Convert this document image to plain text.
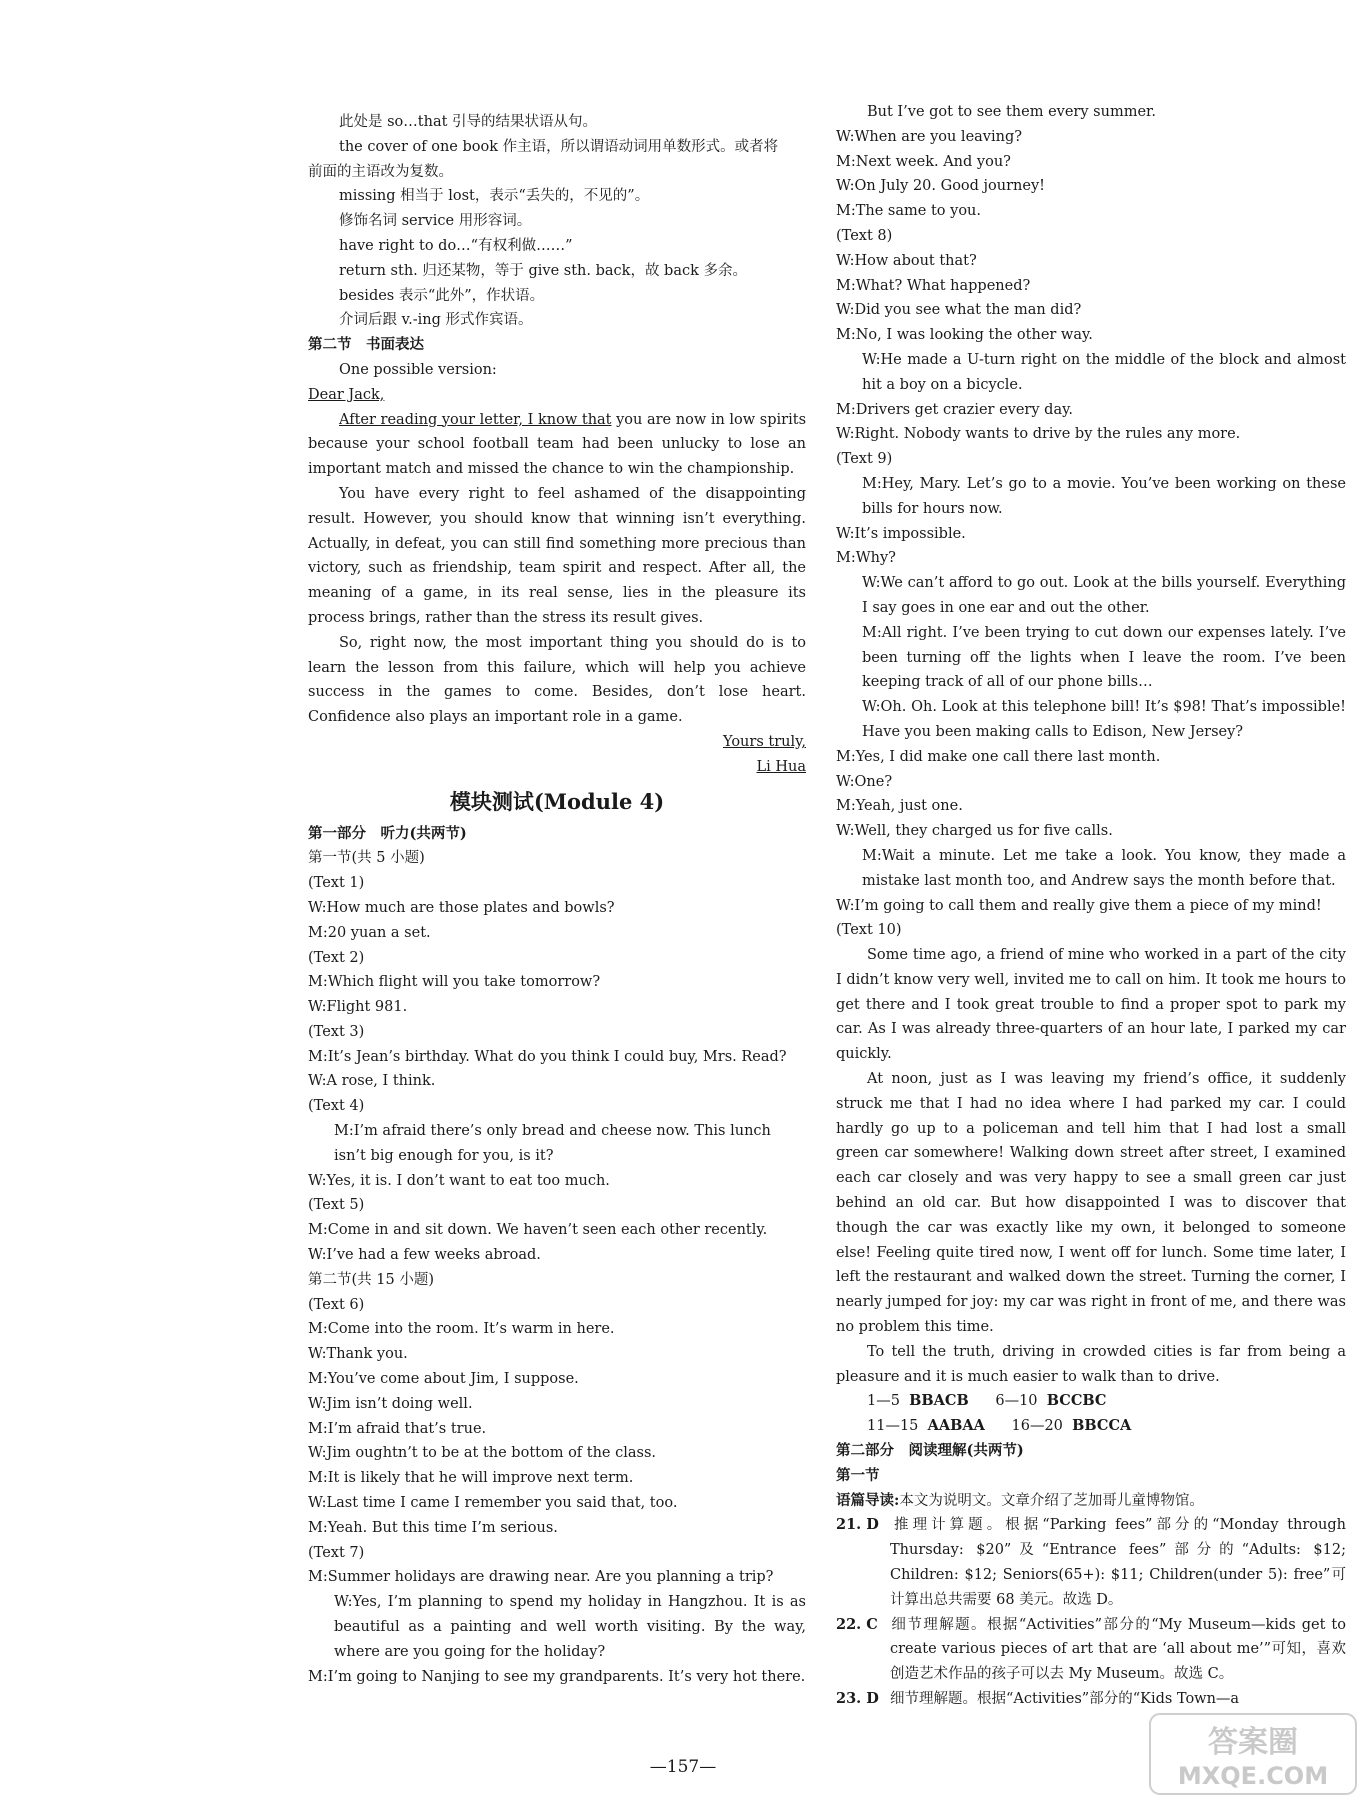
此处是 so…that 引导的结果状语从句。

the cover of one book 作主语，所以谓语动词用单数形式。或者将

前面的主语改为复数。

missing 相当于 lost，表示“丢失的，不见的”。

修饰名词 service 用形容词。

have right to do…“有权利做……”

return sth. 归还某物，等于 give sth. back，故 back 多余。

besides 表示“此外”，作状语。

介词后跟 v.-ing 形式作宾语。

第二节　书面表达

One possible version:

Dear Jack,

After reading your letter, I know that you are now in low spirits because your school football team had been unlucky to lose an important match and missed the chance to win the championship.

You have every right to feel ashamed of the disappointing result. However, you should know that winning isn’t everything. Actually, in defeat, you can still find something more precious than victory, such as friendship, team spirit and respect. After all, the meaning of a game, in its real sense, lies in the pleasure its process brings, rather than the stress its result gives.

So, right now, the most important thing you should do is to learn the lesson from this failure, which will help you achieve success in the games to come. Besides, don’t lose heart. Confidence also plays an important role in a game.

Yours truly,

Li Hua

模块测试(Module 4)

第一部分　听力(共两节)

第一节(共 5 小题)

(Text 1)

W:How much are those plates and bowls?

M:20 yuan a set.

(Text 2)

M:Which flight will you take tomorrow?

W:Flight 981.

(Text 3)

M:It’s Jean’s birthday. What do you think I could buy, Mrs. Read?

W:A rose, I think.

(Text 4)

M:I’m afraid there’s only bread and cheese now. This lunch isn’t big enough for you, is it?

W:Yes, it is. I don’t want to eat too much.

(Text 5)

M:Come in and sit down. We haven’t seen each other recently.

W:I’ve had a few weeks abroad.

第二节(共 15 小题)

(Text 6)

M:Come into the room. It’s warm in here.

W:Thank you.

M:You’ve come about Jim, I suppose.

W:Jim isn’t doing well.

M:I’m afraid that’s true.

W:Jim oughtn’t to be at the bottom of the class.

M:It is likely that he will improve next term.

W:Last time I came I remember you said that, too.

M:Yeah. But this time I’m serious.

(Text 7)

M:Summer holidays are drawing near. Are you planning a trip?

W:Yes, I’m planning to spend my holiday in Hangzhou. It is as beautiful as a painting and well worth visiting. By the way, where are you going for the holiday?

M:I’m going to Nanjing to see my grandparents. It’s very hot there.

But I’ve got to see them every summer.

W:When are you leaving?

M:Next week. And you?

W:On July 20. Good journey!

M:The same to you.

(Text 8)

W:How about that?

M:What? What happened?

W:Did you see what the man did?

M:No, I was looking the other way.

W:He made a U-turn right on the middle of the block and almost hit a boy on a bicycle.

M:Drivers get crazier every day.

W:Right. Nobody wants to drive by the rules any more.

(Text 9)

M:Hey, Mary. Let’s go to a movie. You’ve been working on these bills for hours now.

W:It’s impossible.

M:Why?

W:We can’t afford to go out. Look at the bills yourself. Everything I say goes in one ear and out the other.

M:All right. I’ve been trying to cut down our expenses lately. I’ve been turning off the lights when I leave the room. I’ve been keeping track of all of our phone bills…

W:Oh. Oh. Look at this telephone bill! It’s $98! That’s impossible! Have you been making calls to Edison, New Jersey?

M:Yes, I did make one call there last month.

W:One?

M:Yeah, just one.

W:Well, they charged us for five calls.

M:Wait a minute. Let me take a look. You know, they made a mistake last month too, and Andrew says the month before that.

W:I’m going to call them and really give them a piece of my mind!

(Text 10)

Some time ago, a friend of mine who worked in a part of the city I didn’t know very well, invited me to call on him. It took me hours to get there and I took great trouble to find a proper spot to park my car. As I was already three-quarters of an hour late, I parked my car quickly.

At noon, just as I was leaving my friend’s office, it suddenly struck me that I had no idea where I had parked my car. I could hardly go up to a policeman and tell him that I had lost a small green car somewhere! Walking down street after street, I examined each car closely and was very happy to see a small green car just behind an old car. But how disappointed I was to discover that though the car was exactly like my own, it belonged to someone else! Feeling quite tired now, I went off for lunch. Some time later, I left the restaurant and walked down the street. Turning the corner, I nearly jumped for joy: my car was right in front of me, and there was no problem this time.

To tell the truth, driving in crowded cities is far from being a pleasure and it is much easier to walk than to drive.

1—5 BBACB 6—10 BCCBC

11—15 AABAA 16—20 BBCCA

第二部分　阅读理解(共两节)

第一节

语篇导读:本文为说明文。文章介绍了芝加哥儿童博物馆。

21. D 推理计算题。根据“Parking fees”部分的“Monday through Thursday: $20”及“Entrance fees”部分的“Adults: $12; Children: $12; Seniors(65+): $11; Children(under 5): free”可计算出总共需要 68 美元。故选 D。

22. C 细节理解题。根据“Activities”部分的“My Museum—kids get to create various pieces of art that are ‘all about me’”可知，喜欢创造艺术作品的孩子可以去 My Museum。故选 C。

23. D 细节理解题。根据“Activities”部分的“Kids Town—a

—157—
答案圈
MXQE.COM
